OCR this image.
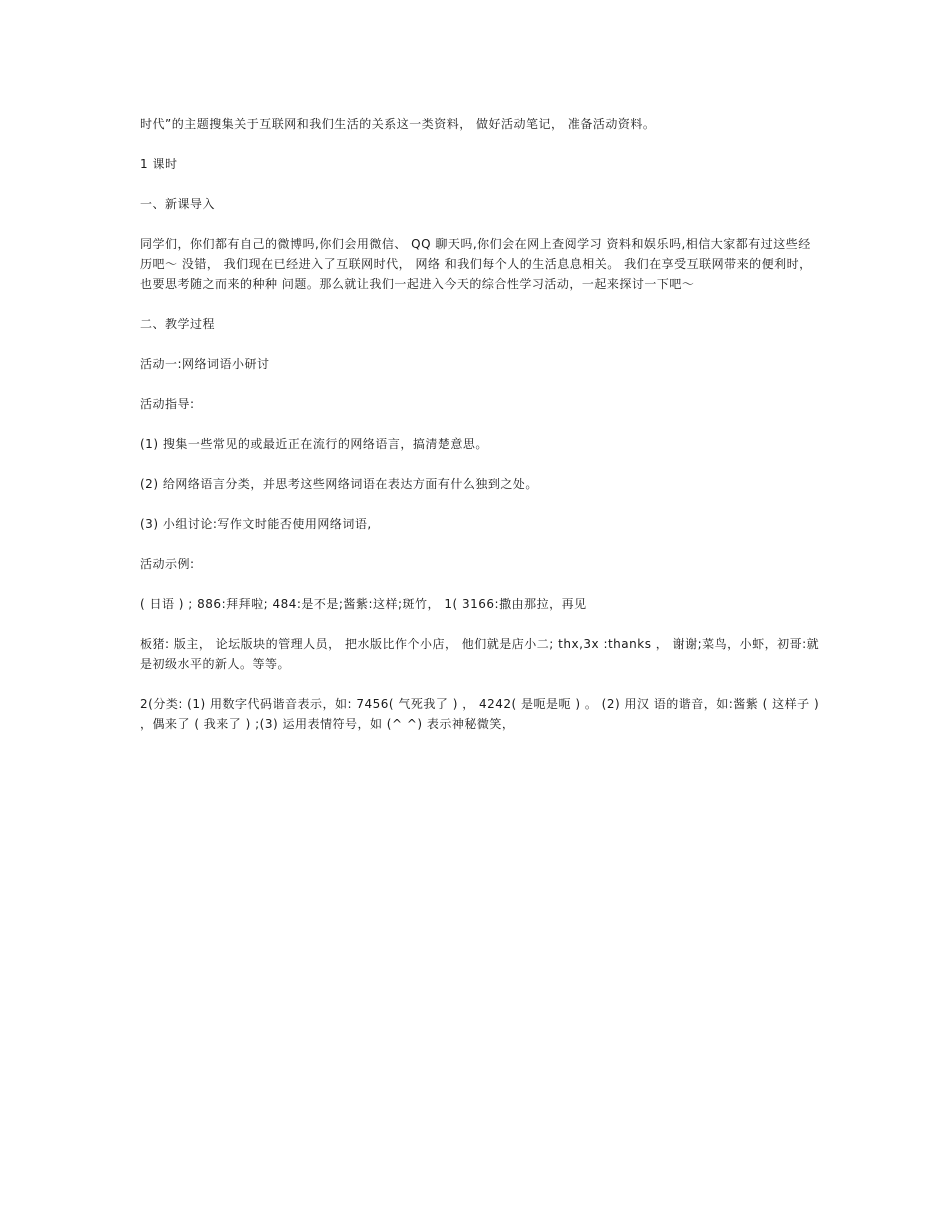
时代”的主题搜集关于互联网和我们生活的关系这一类资料， 做好活动笔记， 准备活动资料。

1 课时

一、新课导入

同学们，你们都有自己的微博吗,你们会用微信、 QQ 聊天吗,你们会在网上查阅学习 资料和娱乐吗,相信大家都有过这些经历吧～ 没错， 我们现在已经进入了互联网时代， 网络 和我们每个人的生活息息相关。 我们在享受互联网带来的便利时， 也要思考随之而来的种种 问题。那么就让我们一起进入今天的综合性学习活动，一起来探讨一下吧～

二、教学过程

活动一:网络词语小研讨

活动指导:

(1) 搜集一些常见的或最近正在流行的网络语言，搞清楚意思。

(2) 给网络语言分类，并思考这些网络词语在表达方面有什么独到之处。

(3) 小组讨论:写作文时能否使用网络词语,

活动示例:

( 日语 ) ; 886:拜拜啦; 484:是不是;酱紫:这样;斑竹， 1( 3166:撒由那拉，再见

板猪: 版主， 论坛版块的管理人员， 把水版比作个小店， 他们就是店小二; thx,3x :thanks ， 谢谢;菜鸟，小虾，初哥:就是初级水平的新人。等等。

2(分类: (1) 用数字代码谐音表示，如: 7456( 气死我了 ) ， 4242( 是呃是呃 ) 。 (2) 用汉 语的谐音，如:酱紫 ( 这样子 ) ，偶来了 ( 我来了 ) ;(3) 运用表情符号，如 (^ ^) 表示神秘微笑，
